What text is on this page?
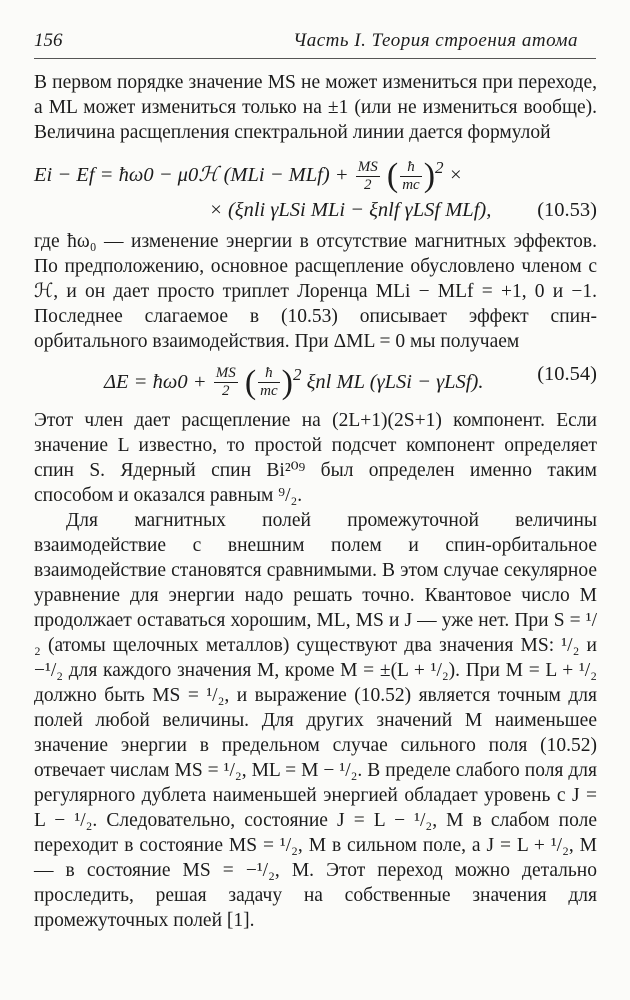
156	Часть I. Теория строения атома

В первом порядке значение MS не может измениться при переходе, а ML может измениться только на ±1 (или не измениться вообще). Величина расщепления спектральной линии дается формулой

Ei − Ef = ħω0 − μ0ℋ $(MLi - MLf) + \frac{MS}{2}$ ( $\frac{ħ}{mc} )^2$ ×
× (ξnli γLSi MLi − ξnlf γLSf MLf), (10.53)

где ħω₀ — изменение энергии в отсутствие магнитных эффектов. По предположению, основное расщепление обусловлено членом с ℋ, и он дает просто триплет Лоренца MLi − MLf = +1, 0 и −1. Последнее слагаемое в (10.53) описывает эффект спин-орбитального взаимодействия. При ΔML = 0 мы получаем

ΔE = ħω0 + $\frac{MS}{2}$ ( $\frac{ħ}{mc} )^2$ ξnl ML (γLSi − γLSf).	(10.54)

Этот член дает расщепление на (2L+1)(2S+1) компонент. Если значение L известно, то простой подсчет компонент определяет спин S. Ядерный спин Bi²⁰⁹ был определен именно таким способом и оказался равным ⁹/₂.

Для магнитных полей промежуточной величины взаимодействие с внешним полем и спин-орбитальное взаимодействие становятся сравнимыми. В этом случае секулярное уравнение для энергии надо решать точно. Квантовое число M продолжает оставаться хорошим, ML, MS и J — уже нет. При S = ¹/₂ (атомы щелочных металлов) существуют два значения MS: ¹/₂ и −¹/₂ для каждого значения M, кроме M = ±(L + ¹/₂). При M = L + ¹/₂ должно быть MS = ¹/₂, и выражение (10.52) является точным для полей любой величины. Для других значений M наименьшее значение энергии в предельном случае сильного поля (10.52) отвечает числам MS = ¹/₂, ML = M − ¹/₂. В пределе слабого поля для регулярного дублета наименьшей энергией обладает уровень с J = L − ¹/₂. Следовательно, состояние J = L − ¹/₂, M в слабом поле переходит в состояние MS = ¹/₂, M в сильном поле, а J = L + ¹/₂, M — в состояние MS = −¹/₂, M. Этот переход можно детально проследить, решая задачу на собственные значения для промежуточных полей [1].
